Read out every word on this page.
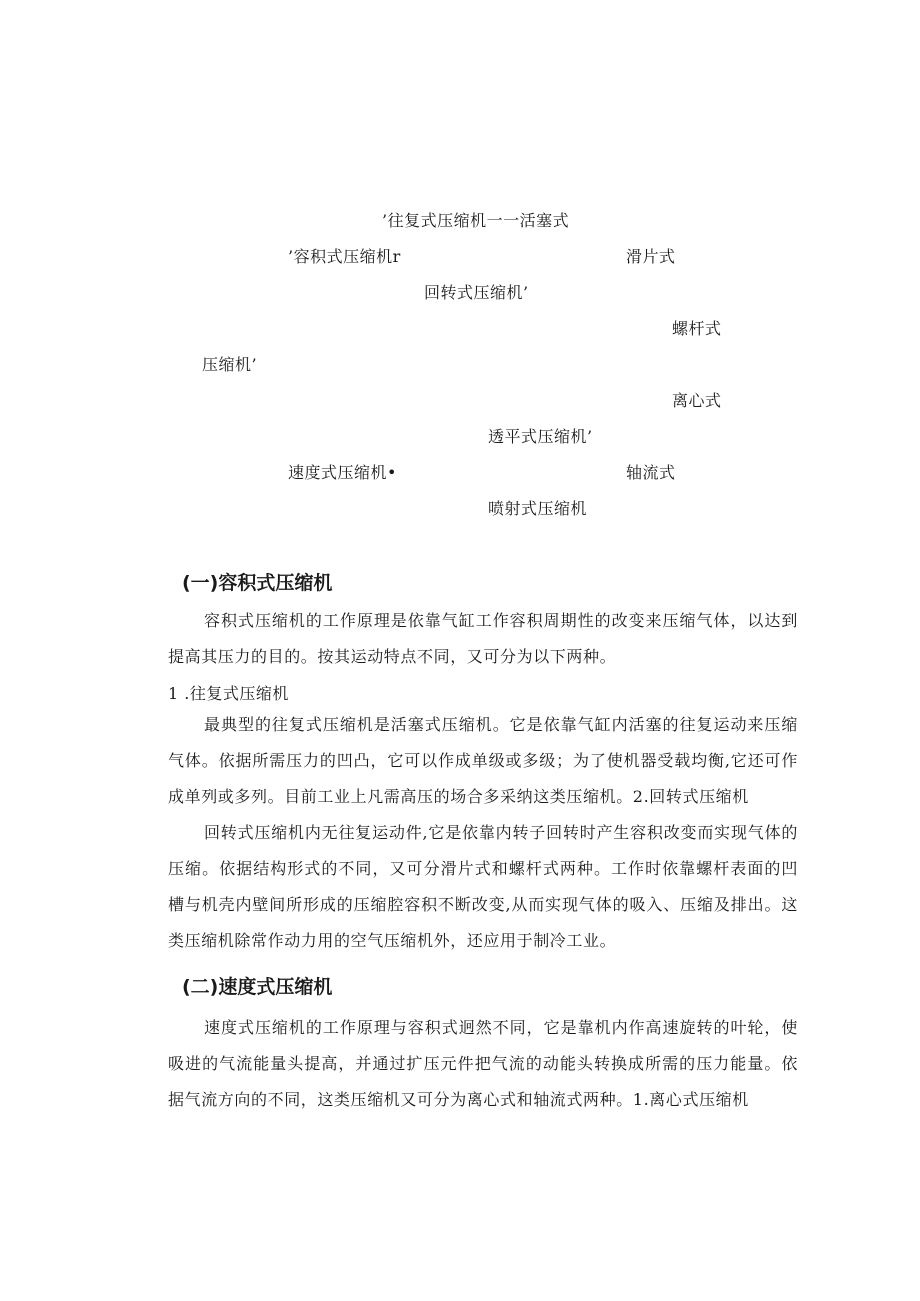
’往复式压缩机一一活塞式
’容积式压缩机r	滑片式
回转式压缩机’
螺杆式
压缩机’
离心式
透平式压缩机’
速度式压缩机•	轴流式
喷射式压缩机
(一)容积式压缩机

容积式压缩机的工作原理是依靠气缸工作容积周期性的改变来压缩气体，以达到提高其压力的目的。按其运动特点不同，又可分为以下两种。

1 .往复式压缩机

最典型的往复式压缩机是活塞式压缩机。它是依靠气缸内活塞的往复运动来压缩气体。依据所需压力的凹凸，它可以作成单级或多级；为了使机器受载均衡,它还可作成单列或多列。目前工业上凡需高压的场合多采纳这类压缩机。2.回转式压缩机

回转式压缩机内无往复运动件,它是依靠内转子回转时产生容积改变而实现气体的压缩。依据结构形式的不同，又可分滑片式和螺杆式两种。工作时依靠螺杆表面的凹槽与机壳内壁间所形成的压缩腔容积不断改变,从而实现气体的吸入、压缩及排出。这类压缩机除常作动力用的空气压缩机外，还应用于制冷工业。

(二)速度式压缩机

速度式压缩机的工作原理与容积式迥然不同，它是靠机内作高速旋转的叶轮，使吸进的气流能量头提高，并通过扩压元件把气流的动能头转换成所需的压力能量。依据气流方向的不同，这类压缩机又可分为离心式和轴流式两种。1.离心式压缩机
